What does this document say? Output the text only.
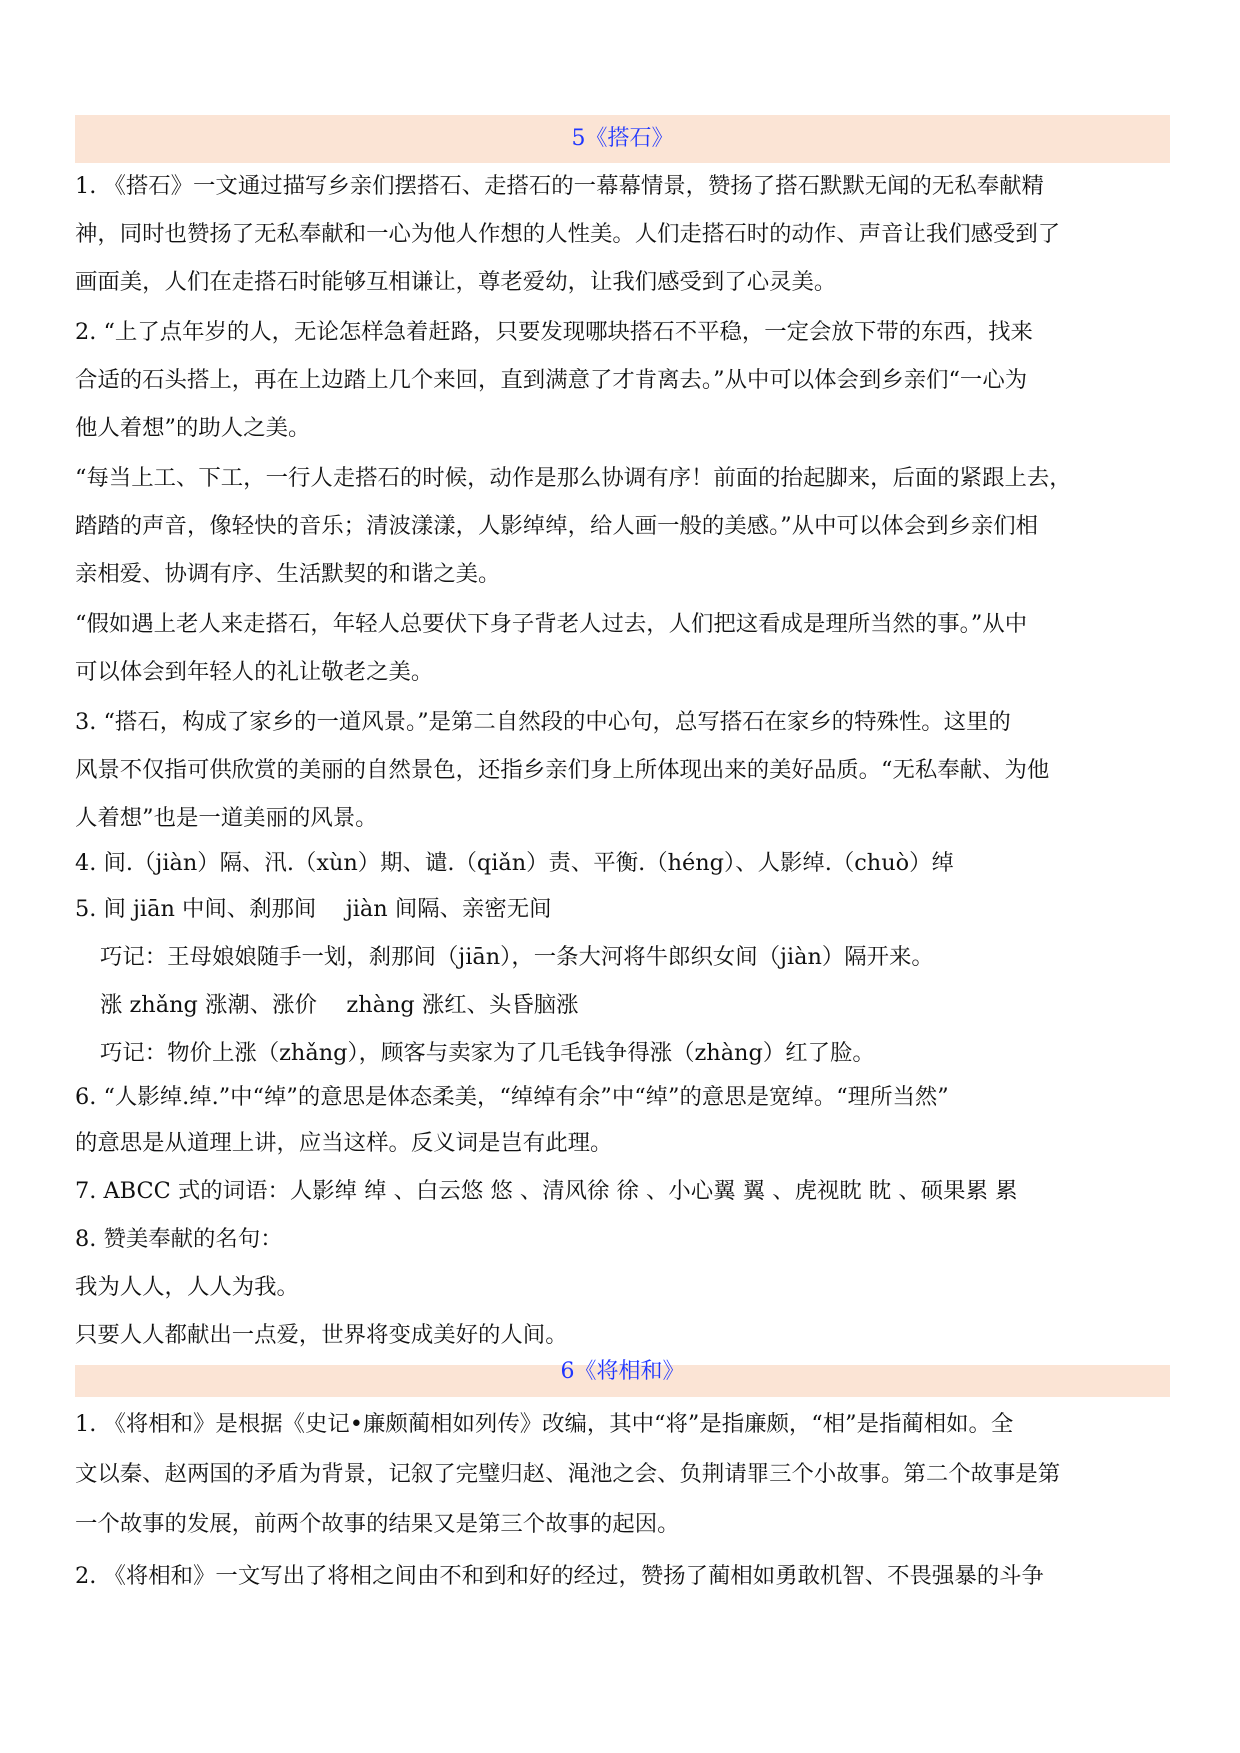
5《搭石》
1. 《搭石》一文通过描写乡亲们摆搭石、走搭石的一幕幕情景，赞扬了搭石默默无闻的无私奉献精
神，同时也赞扬了无私奉献和一心为他人作想的人性美。人们走搭石时的动作、声音让我们感受到了
画面美，人们在走搭石时能够互相谦让，尊老爱幼，让我们感受到了心灵美。
2. “上了点年岁的人，无论怎样急着赶路，只要发现哪块搭石不平稳，一定会放下带的东西，找来
合适的石头搭上，再在上边踏上几个来回，直到满意了才肯离去。”从中可以体会到乡亲们“一心为
他人着想”的助人之美。
“每当上工、下工，一行人走搭石的时候，动作是那么协调有序！前面的抬起脚来，后面的紧跟上去，
踏踏的声音，像轻快的音乐；清波漾漾，人影绰绰，给人画一般的美感。”从中可以体会到乡亲们相
亲相爱、协调有序、生活默契的和谐之美。
“假如遇上老人来走搭石，年轻人总要伏下身子背老人过去，人们把这看成是理所当然的事。”从中
可以体会到年轻人的礼让敬老之美。
3. “搭石，构成了家乡的一道风景。”是第二自然段的中心句，总写搭石在家乡的特殊性。这里的
风景不仅指可供欣赏的美丽的自然景色，还指乡亲们身上所体现出来的美好品质。“无私奉献、为他
人着想”也是一道美丽的风景。
4. 间.（jiàn）隔、汛.（xùn）期、谴.（qiǎn）责、平衡.（héng）、人影绰.（chuò）绰
5. 间 jiān 中间、刹那间　 jiàn 间隔、亲密无间
巧记：王母娘娘随手一划，刹那间（jiān），一条大河将牛郎织女间（jiàn）隔开来。
涨 zhǎng 涨潮、涨价　 zhàng 涨红、头昏脑涨
巧记：物价上涨（zhǎng），顾客与卖家为了几毛钱争得涨（zhàng）红了脸。
6. “人影绰.绰.”中“绰”的意思是体态柔美，“绰绰有余”中“绰”的意思是宽绰。“理所当然”
的意思是从道理上讲，应当这样。反义词是岂有此理。
7. ABCC 式的词语：人影绰 绰 、白云悠 悠 、清风徐 徐 、小心翼 翼 、虎视眈 眈 、硕果累 累
8. 赞美奉献的名句：
我为人人，人人为我。
只要人人都献出一点爱，世界将变成美好的人间。
6《将相和》
1. 《将相和》是根据《史记•廉颇蔺相如列传》改编，其中“将”是指廉颇，“相”是指蔺相如。全
文以秦、赵两国的矛盾为背景，记叙了完璧归赵、渑池之会、负荆请罪三个小故事。第二个故事是第
一个故事的发展，前两个故事的结果又是第三个故事的起因。
2. 《将相和》一文写出了将相之间由不和到和好的经过，赞扬了蔺相如勇敢机智、不畏强暴的斗争
